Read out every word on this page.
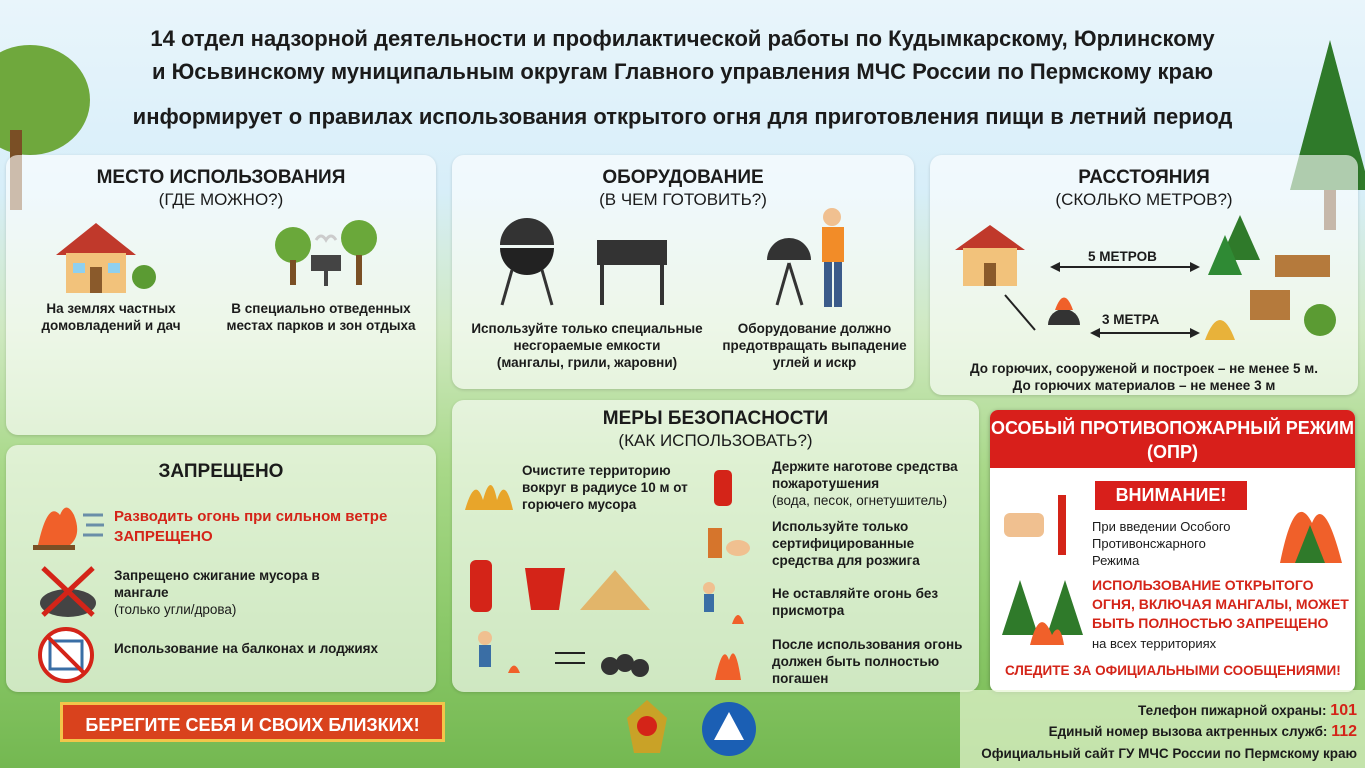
14 отдел надзорной деятельности и профилактической работы по Кудымкарскому, Юрлинскому
и Юсьвинскому муниципальным округам Главного управления МЧС России по Пермскому краю
информирует о правилах использования открытого огня для приготовления пищи в летний период
МЕСТО ИСПОЛЬЗОВАНИЯ
(ГДЕ МОЖНО?)
На землях частных домовладений и дач
В специально отведенных местах парков и зон отдыха
ОБОРУДОВАНИЕ
(В ЧЕМ ГОТОВИТЬ?)
Используйте только специальные несгораемые емкости
(мангалы, грили, жаровни)
Оборудование должно предотвращать выпадение углей и искр
РАССТОЯНИЯ
(СКОЛЬКО МЕТРОВ?)
5 МЕТРОВ
3 МЕТРА
До горючих, сооруженой и построек – не менее 5 м.
До горючих материалов – не менее 3 м
ЗАПРЕЩЕНО
Разводить огонь при сильном ветре ЗАПРЕЩЕНО
Запрещено сжигание мусора в мангале
(только угли/дрова)
Использование на балконах и лоджиях
МЕРЫ БЕЗОПАСНОСТИ
(КАК ИСПОЛЬЗОВАТЬ?)
Очистите территорию вокруг в радиусе 10 м от горючего мусора
Держите наготове средства пожаротушения
(вода, песок, огнетушитель)
Используйте только сертифицированные средства для розжига
Не оставляйте огонь без присмотра
После использования огонь должен быть полностью погашен
ОСОБЫЙ ПРОТИВОПОЖАРНЫЙ РЕЖИМ (ОПР)
ВНИМАНИЕ!
При введении Особого Противонсжарного Режима
ИСПОЛЬЗОВАНИЕ ОТКРЫТОГО ОГНЯ, ВКЛЮЧАЯ МАНГАЛЫ, МОЖЕТ БЫТЬ ПОЛНОСТЬЮ ЗАПРЕЩЕНО
на всех территориях
СЛЕДИТЕ ЗА ОФИЦИАЛЬНЫМИ СООБЩЕНИЯМИ!
БЕРЕГИТЕ СЕБЯ И СВОИХ БЛИЗКИХ!
Телефон пижарной охраны: 101
Единый номер вызова актренных служб: 112
Официальный сайт ГУ МЧС России по Пермскому краю
